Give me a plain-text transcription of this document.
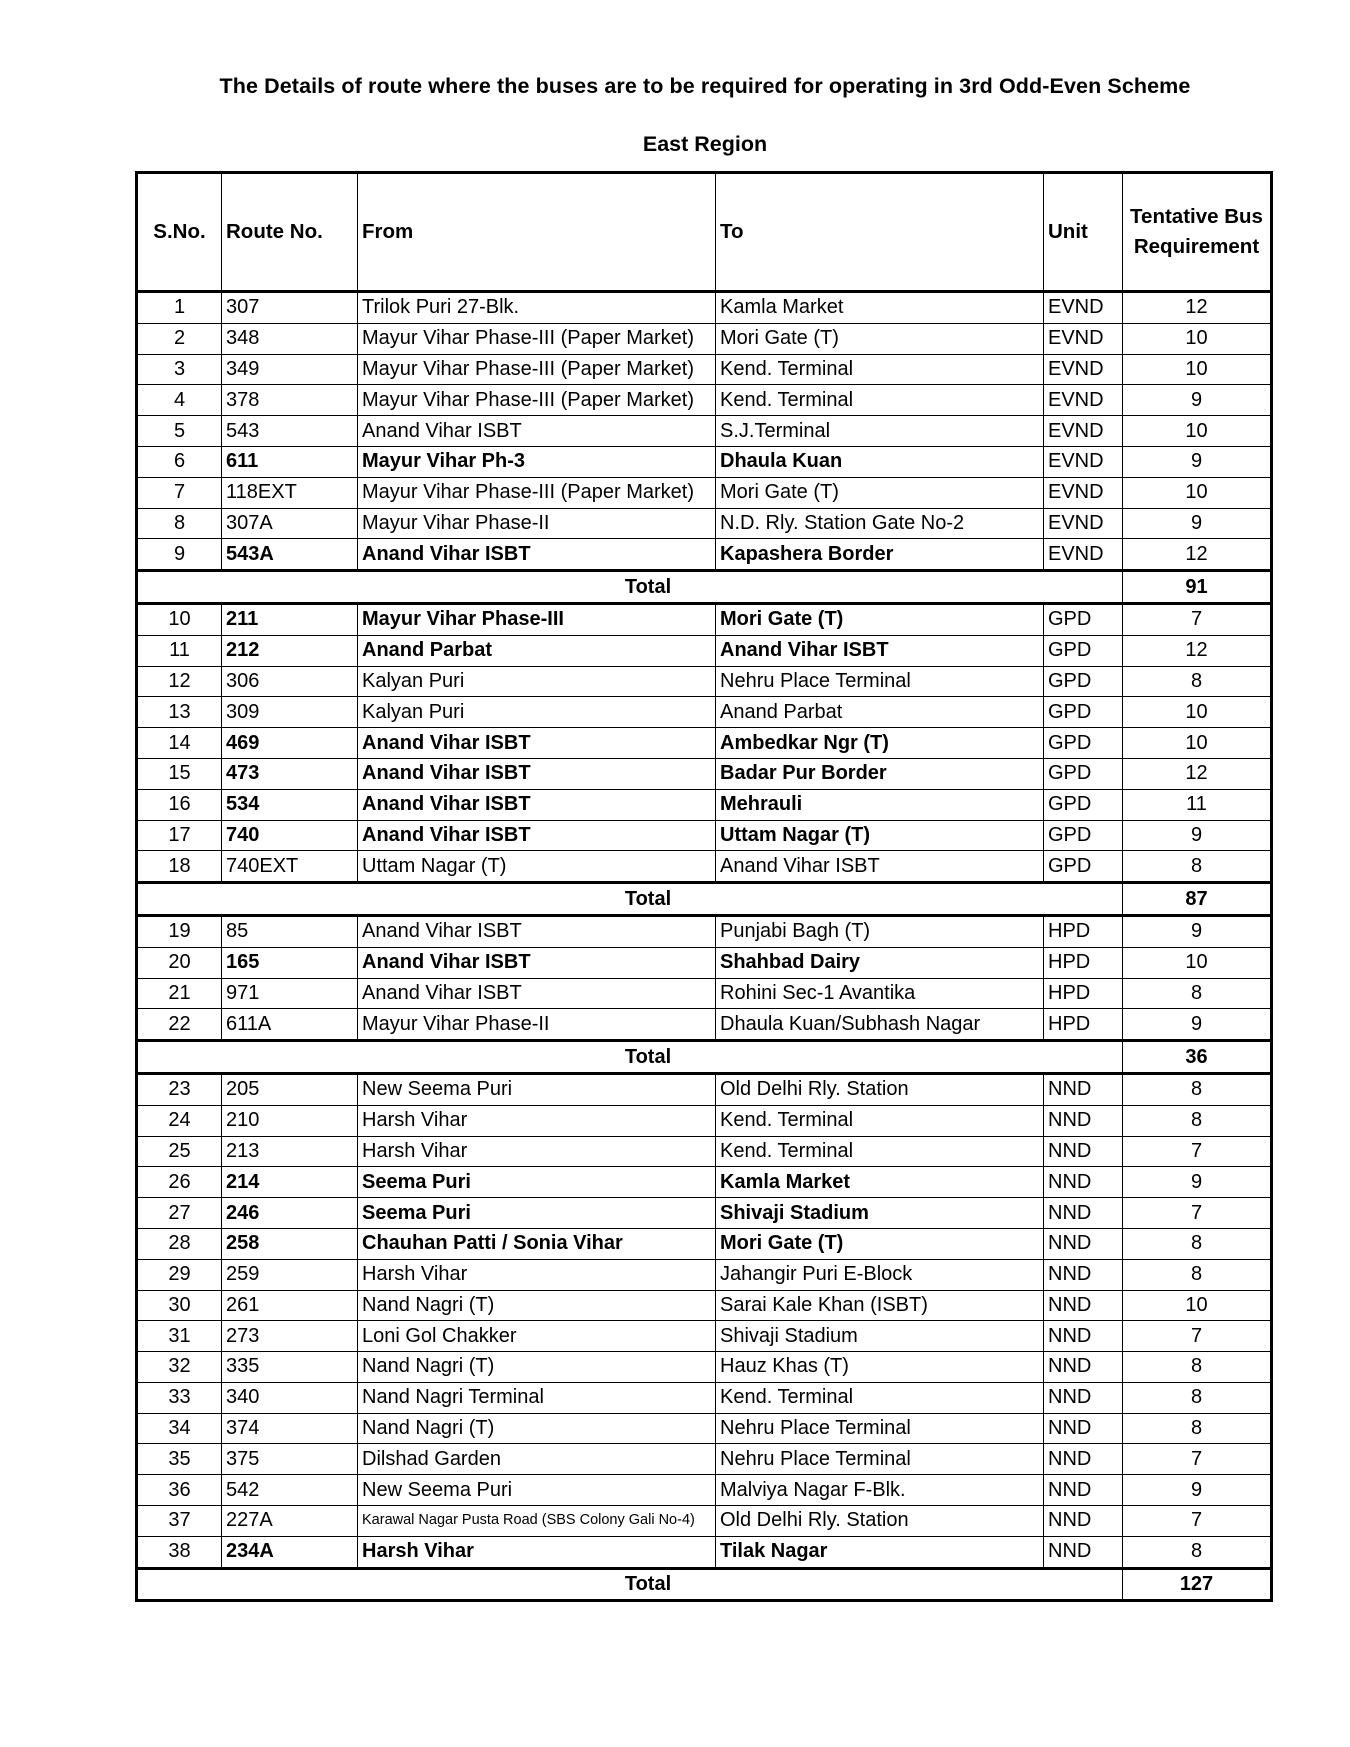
The Details of route where the buses are to be required for operating in 3rd Odd-Even Scheme
East Region
S.No.	Route No.	From	To	Unit	Tentative Bus
Requirement
1	307	Trilok Puri 27-Blk.	Kamla Market	EVND	12
2	348	Mayur Vihar Phase-III (Paper Market)	Mori Gate (T)	EVND	10
3	349	Mayur Vihar Phase-III (Paper Market)	Kend. Terminal	EVND	10
4	378	Mayur Vihar Phase-III (Paper Market)	Kend. Terminal	EVND	9
5	543	Anand Vihar ISBT	S.J.Terminal	EVND	10
6	611	Mayur Vihar Ph-3	Dhaula Kuan	EVND	9
7	118EXT	Mayur Vihar Phase-III (Paper Market)	Mori Gate (T)	EVND	10
8	307A	Mayur Vihar Phase-II	N.D. Rly. Station Gate No-2	EVND	9
9	543A	Anand Vihar ISBT	Kapashera Border	EVND	12
Total					91
10	211	Mayur Vihar Phase-III	Mori Gate (T)	GPD	7
11	212	Anand Parbat	Anand Vihar ISBT	GPD	12
12	306	Kalyan Puri	Nehru Place Terminal	GPD	8
13	309	Kalyan Puri	Anand Parbat	GPD	10
14	469	Anand Vihar ISBT	Ambedkar Ngr (T)	GPD	10
15	473	Anand Vihar ISBT	Badar Pur Border	GPD	12
16	534	Anand Vihar ISBT	Mehrauli	GPD	11
17	740	Anand Vihar ISBT	Uttam Nagar (T)	GPD	9
18	740EXT	Uttam Nagar (T)	Anand Vihar ISBT	GPD	8
Total					87
19	85	Anand Vihar ISBT	Punjabi Bagh (T)	HPD	9
20	165	Anand Vihar ISBT	Shahbad Dairy	HPD	10
21	971	Anand Vihar ISBT	Rohini Sec-1 Avantika	HPD	8
22	611A	Mayur Vihar Phase-II	Dhaula Kuan/Subhash Nagar	HPD	9
Total					36
23	205	New Seema Puri	Old Delhi Rly. Station	NND	8
24	210	Harsh Vihar	Kend. Terminal	NND	8
25	213	Harsh Vihar	Kend. Terminal	NND	7
26	214	Seema Puri	Kamla Market	NND	9
27	246	Seema Puri	Shivaji Stadium	NND	7
28	258	Chauhan Patti / Sonia Vihar	Mori Gate (T)	NND	8
29	259	Harsh Vihar	Jahangir Puri E-Block	NND	8
30	261	Nand Nagri (T)	Sarai Kale Khan (ISBT)	NND	10
31	273	Loni Gol Chakker	Shivaji Stadium	NND	7
32	335	Nand Nagri (T)	Hauz Khas (T)	NND	8
33	340	Nand Nagri Terminal	Kend. Terminal	NND	8
34	374	Nand Nagri (T)	Nehru Place Terminal	NND	8
35	375	Dilshad Garden	Nehru Place Terminal	NND	7
36	542	New Seema Puri	Malviya Nagar F-Blk.	NND	9
37	227A	Karawal Nagar Pusta Road (SBS Colony Gali No-4)	Old Delhi Rly. Station	NND	7
38	234A	Harsh Vihar	Tilak Nagar	NND	8
Total					127
